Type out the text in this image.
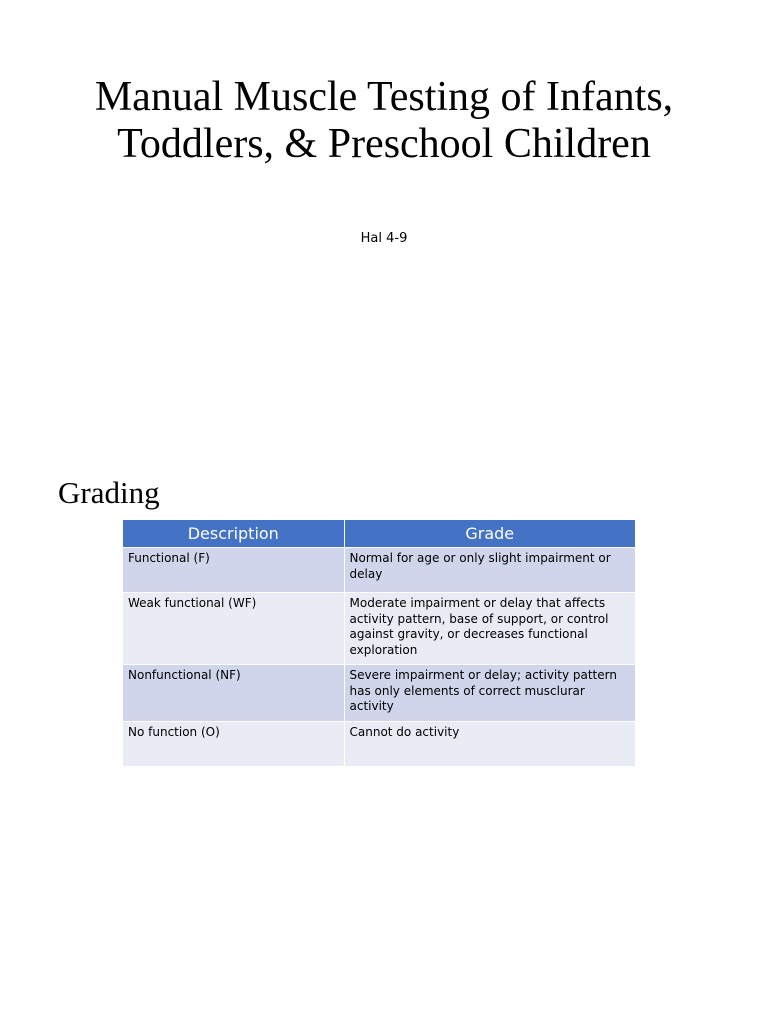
Manual Muscle Testing of Infants, Toddlers, & Preschool Children
Hal 4-9
Grading
Description	Grade
Functional (F)	Normal for age or only slight impairment or delay
Weak functional (WF)	Moderate impairment or delay that affects activity pattern, base of support, or control against gravity, or decreases functional exploration
Nonfunctional (NF)	Severe impairment or delay; activity pattern has only elements of correct musclurar activity
No function (O)	Cannot do activity
